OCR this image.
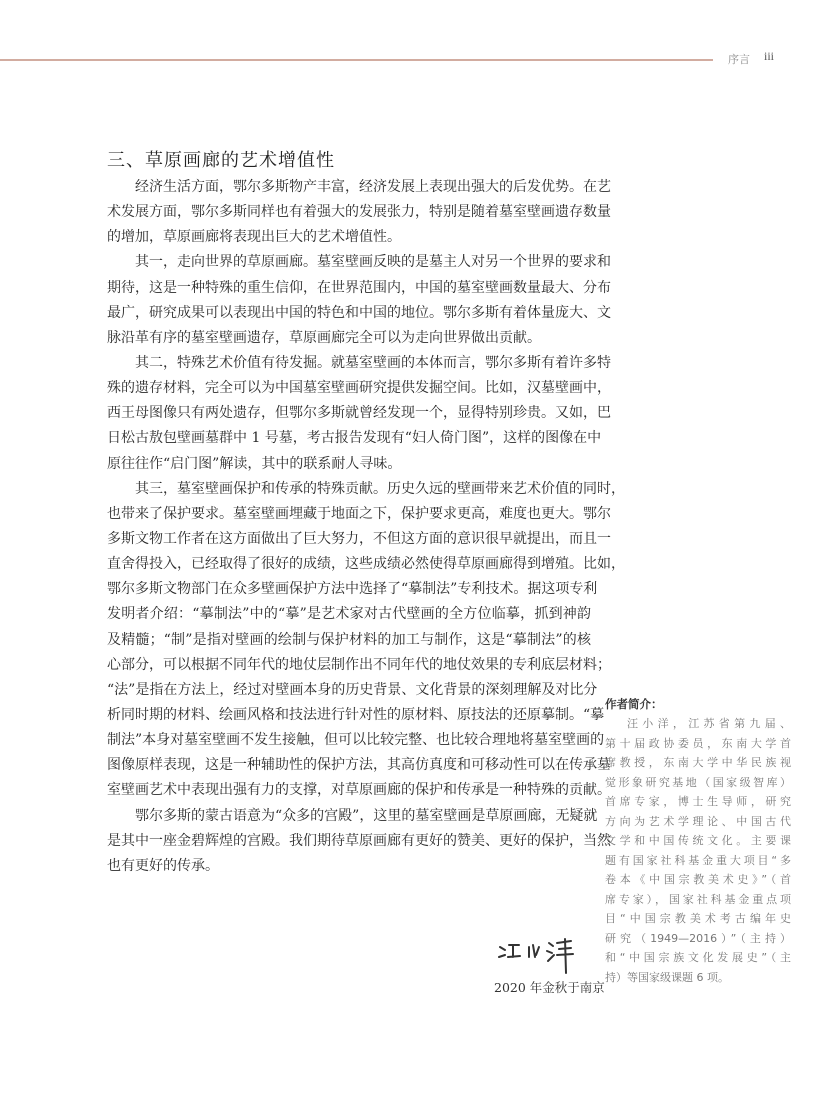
序言 iii
三、草原画廊的艺术增值性
经济生活方面，鄂尔多斯物产丰富，经济发展上表现出强大的后发优势。在艺
术发展方面，鄂尔多斯同样也有着强大的发展张力，特别是随着墓室壁画遗存数量
的增加，草原画廊将表现出巨大的艺术增值性。
其一，走向世界的草原画廊。墓室壁画反映的是墓主人对另一个世界的要求和
期待，这是一种特殊的重生信仰，在世界范围内，中国的墓室壁画数量最大、分布
最广，研究成果可以表现出中国的特色和中国的地位。鄂尔多斯有着体量庞大、文
脉沿革有序的墓室壁画遗存，草原画廊完全可以为走向世界做出贡献。
其二，特殊艺术价值有待发掘。就墓室壁画的本体而言，鄂尔多斯有着许多特
殊的遗存材料，完全可以为中国墓室壁画研究提供发掘空间。比如，汉墓壁画中，
西王母图像只有两处遗存，但鄂尔多斯就曾经发现一个，显得特别珍贵。又如，巴
日松古敖包壁画墓群中 1 号墓，考古报告发现有“妇人倚门图”，这样的图像在中
原往往作“启门图”解读，其中的联系耐人寻味。
其三，墓室壁画保护和传承的特殊贡献。历史久远的壁画带来艺术价值的同时，
也带来了保护要求。墓室壁画埋藏于地面之下，保护要求更高，难度也更大。鄂尔
多斯文物工作者在这方面做出了巨大努力，不但这方面的意识很早就提出，而且一
直舍得投入，已经取得了很好的成绩，这些成绩必然使得草原画廊得到增殖。比如，
鄂尔多斯文物部门在众多壁画保护方法中选择了“摹制法”专利技术。据这项专利
发明者介绍：“摹制法”中的“摹”是艺术家对古代壁画的全方位临摹，抓到神韵
及精髓；“制”是指对壁画的绘制与保护材料的加工与制作，这是“摹制法”的核
心部分，可以根据不同年代的地仗层制作出不同年代的地仗效果的专利底层材料；
“法”是指在方法上，经过对壁画本身的历史背景、文化背景的深刻理解及对比分
析同时期的材料、绘画风格和技法进行针对性的原材料、原技法的还原摹制。“摹
制法”本身对墓室壁画不发生接触，但可以比较完整、也比较合理地将墓室壁画的
图像原样表现，这是一种辅助性的保护方法，其高仿真度和可移动性可以在传承墓
室壁画艺术中表现出强有力的支撑，对草原画廊的保护和传承是一种特殊的贡献。
鄂尔多斯的蒙古语意为“众多的宫殿”，这里的墓室壁画是草原画廊，无疑就
是其中一座金碧辉煌的宫殿。我们期待草原画廊有更好的赞美、更好的保护，当然
也有更好的传承。
2020 年金秋于南京
作者简介：
汪小洋，江苏省第九届、
第十届政协委员，东南大学首
席教授，东南大学中华民族视
觉形象研究基地（国家级智库）
首席专家，博士生导师，研究
方向为艺术学理论、中国古代
文学和中国传统文化。主要课
题有国家社科基金重大项目“多
卷本《中国宗教美术史》”（首
席专家），国家社科基金重点项
目“中国宗教美术考古编年史
研究（1949—2016）”（主持）
和“中国宗族文化发展史”（主
持）等国家级课题 6 项。
